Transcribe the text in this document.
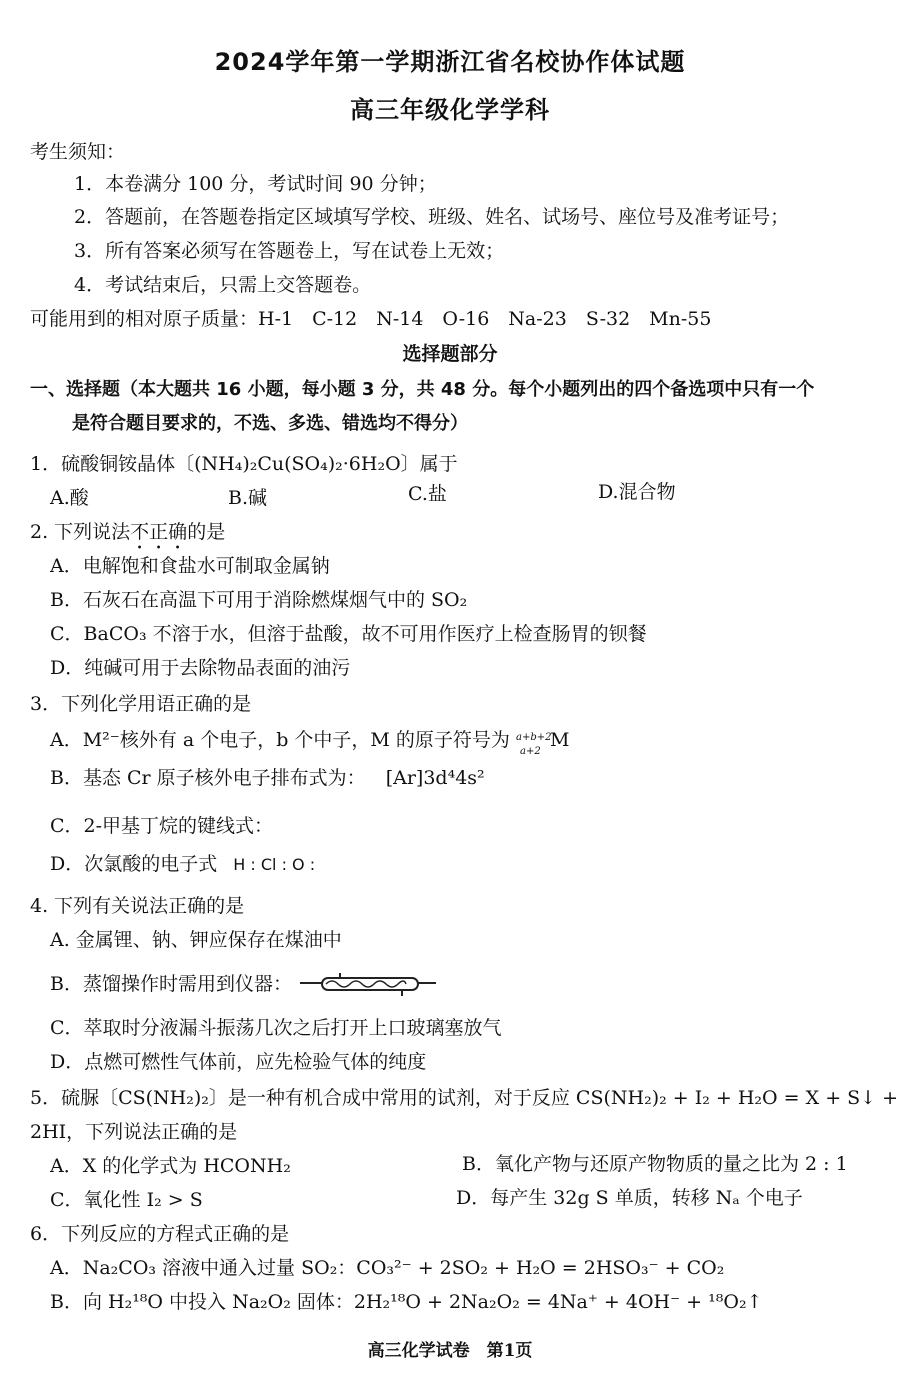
2024学年第一学期浙江省名校协作体试题
高三年级化学学科
考生须知：
1．本卷满分 100 分，考试时间 90 分钟；
2．答题前，在答题卷指定区域填写学校、班级、姓名、试场号、座位号及准考证号；
3．所有答案必须写在答题卷上，写在试卷上无效；
4．考试结束后，只需上交答题卷。
可能用到的相对原子质量：H-1　C-12　N-14　O-16　Na-23　S-32　Mn-55
选择题部分
一、选择题（本大题共 16 小题，每小题 3 分，共 48 分。每个小题列出的四个备选项中只有一个
是符合题目要求的，不选、多选、错选均不得分）
1．硫酸铜铵晶体〔(NH₄)₂Cu(SO₄)₂·6H₂O〕属于
A.酸	B.碱	C.盐	D.混合物
2. 下列说法不正确的是
A．电解饱和食盐水可制取金属钠
B．石灰石在高温下可用于消除燃煤烟气中的 SO₂
C．BaCO₃ 不溶于水，但溶于盐酸，故不可用作医疗上检查肠胃的钡餐
D．纯碱可用于去除物品表面的油污
3．下列化学用语正确的是
A．M²⁻核外有 a 个电子，b 个中子，M 的原子符号为 a+b+2
a+2
M
B．基态 Cr 原子核外电子排布式为： [Ar]3d⁴4s²
C．2-甲基丁烷的键线式：
D．次氯酸的电子式 H : Cl : O :
4. 下列有关说法正确的是
A. 金属锂、钠、钾应保存在煤油中
B．蒸馏操作时需用到仪器：
C．萃取时分液漏斗振荡几次之后打开上口玻璃塞放气
D．点燃可燃性气体前，应先检验气体的纯度
5．硫脲〔CS(NH₂)₂〕是一种有机合成中常用的试剂，对于反应 CS(NH₂)₂ + I₂ + H₂O = X + S↓ +
2HI，下列说法正确的是
A．X 的化学式为 HCONH₂	B．氧化产物与还原产物物质的量之比为 2 : 1
C．氧化性 I₂ > S	D．每产生 32g S 单质，转移 Nₐ 个电子
6．下列反应的方程式正确的是
A．Na₂CO₃ 溶液中通入过量 SO₂：CO₃²⁻ + 2SO₂ + H₂O = 2HSO₃⁻ + CO₂
B．向 H₂¹⁸O 中投入 Na₂O₂ 固体：2H₂¹⁸O + 2Na₂O₂ = 4Na⁺ + 4OH⁻ + ¹⁸O₂↑
高三化学试卷　第1页
